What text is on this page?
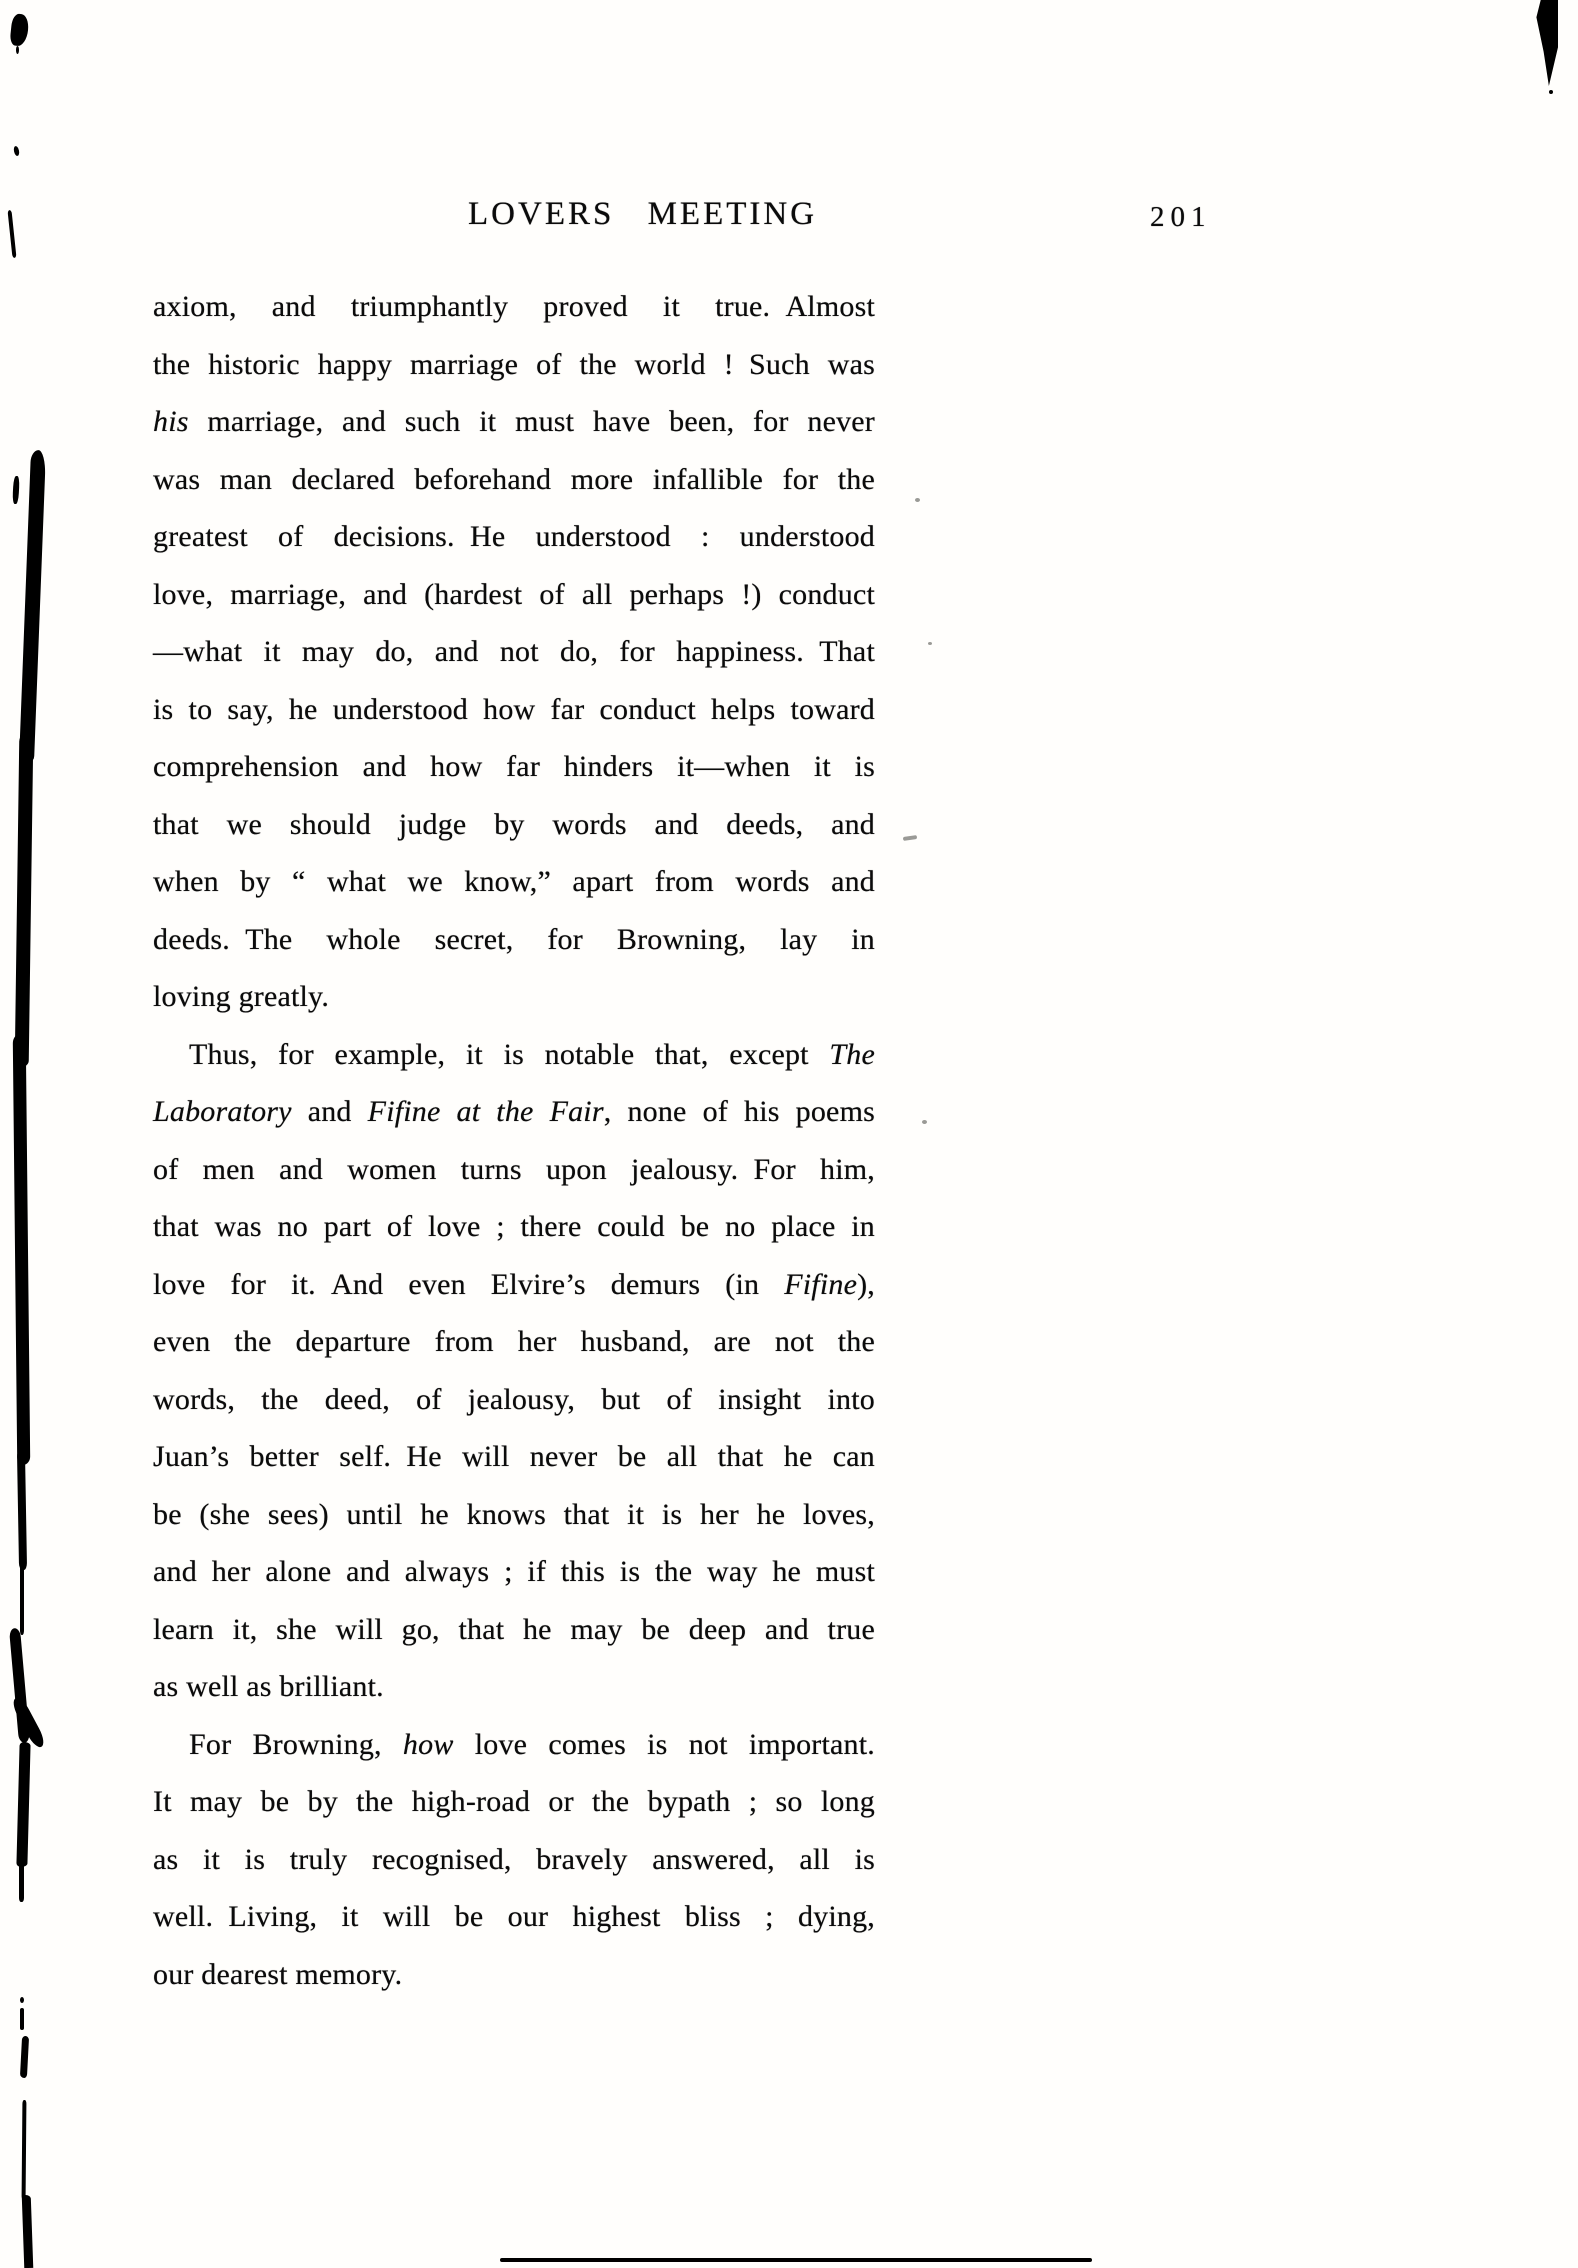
LOVERS MEETING	201
axiom, and triumphantly proved it true. Almost
the historic happy marriage of the world ! Such was
his marriage, and such it must have been, for never
was man declared beforehand more infallible for the
greatest of decisions. He understood : understood
love, marriage, and (hardest of all perhaps !) conduct
—what it may do, and not do, for happiness. That
is to say, he understood how far conduct helps toward
comprehension and how far hinders it—when it is
that we should judge by words and deeds, and
when by “ what we know,” apart from words and
deeds. The whole secret, for Browning, lay in
loving greatly.
Thus, for example, it is notable that, except The
Laboratory and Fifine at the Fair, none of his poems
of men and women turns upon jealousy. For him,
that was no part of love ; there could be no place in
love for it. And even Elvire’s demurs (in Fifine),
even the departure from her husband, are not the
words, the deed, of jealousy, but of insight into
Juan’s better self. He will never be all that he can
be (she sees) until he knows that it is her he loves,
and her alone and always ; if this is the way he must
learn it, she will go, that he may be deep and true
as well as brilliant.
For Browning, how love comes is not important.
It may be by the high-road or the bypath ; so long
as it is truly recognised, bravely answered, all is
well. Living, it will be our highest bliss ; dying,
our dearest memory.
